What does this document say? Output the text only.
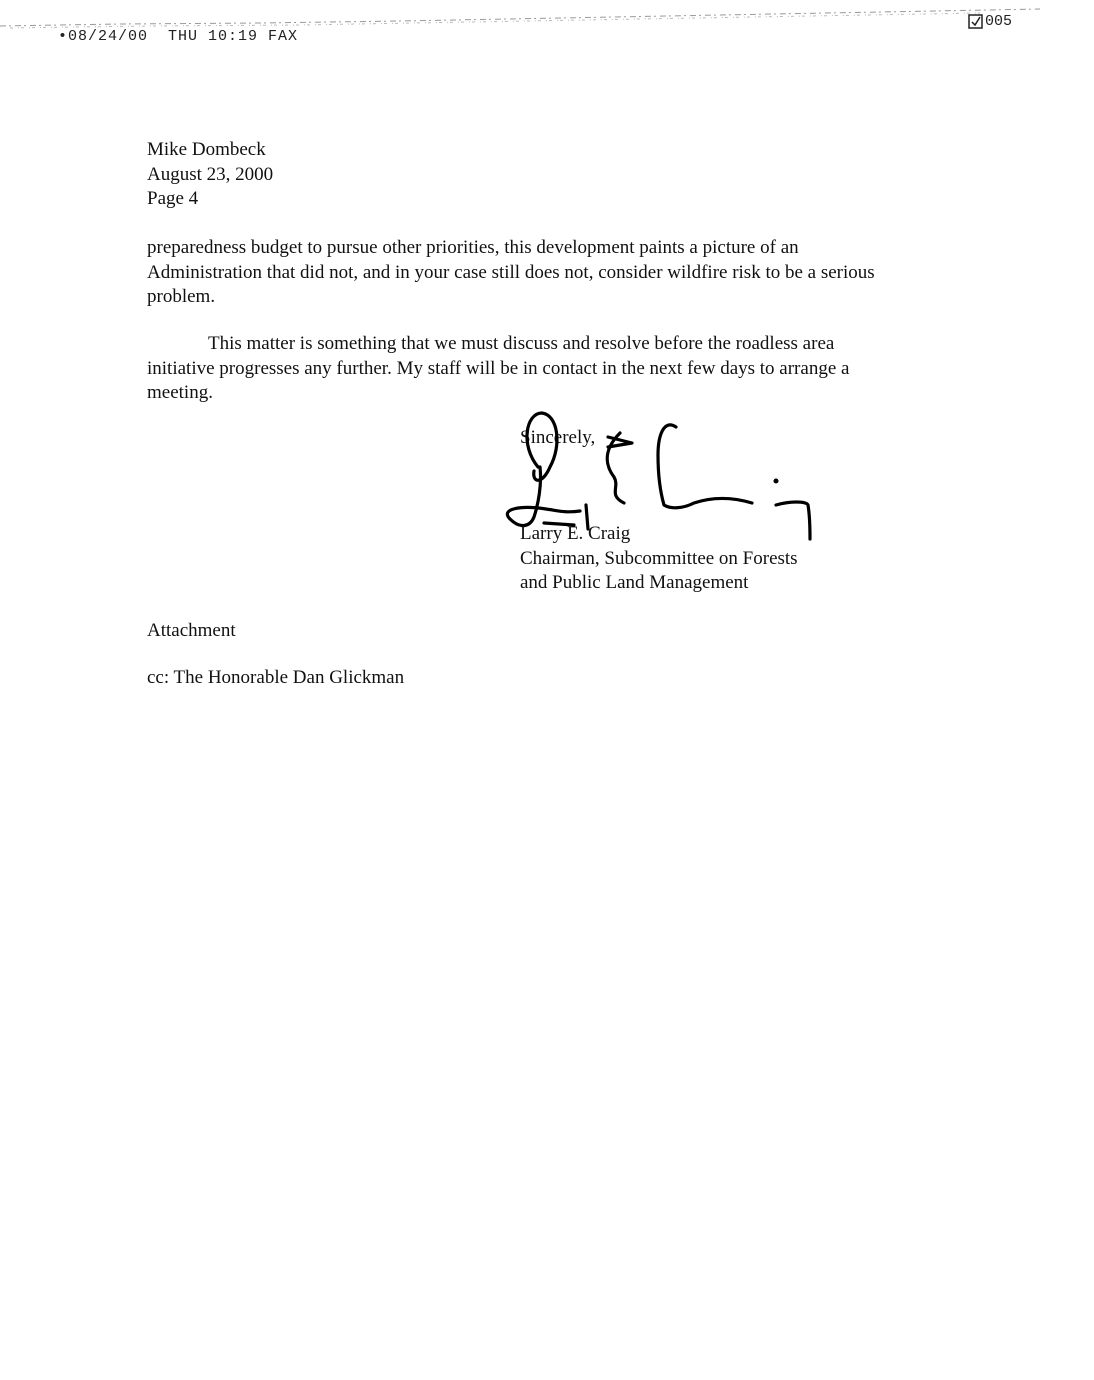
•08/24/00  THU 10:19 FAX
005
Mike Dombeck
August 23, 2000
Page 4
preparedness budget to pursue other priorities, this development paints a picture of an
Administration that did not, and in your case still does not, consider wildfire risk to be a serious
problem.
This matter is something that we must discuss and resolve before the roadless area
initiative progresses any further. My staff will be in contact in the next few days to arrange a
meeting.
Sincerely,
Larry E. Craig
Chairman, Subcommittee on Forests
and Public Land Management
Attachment
cc: The Honorable Dan Glickman
